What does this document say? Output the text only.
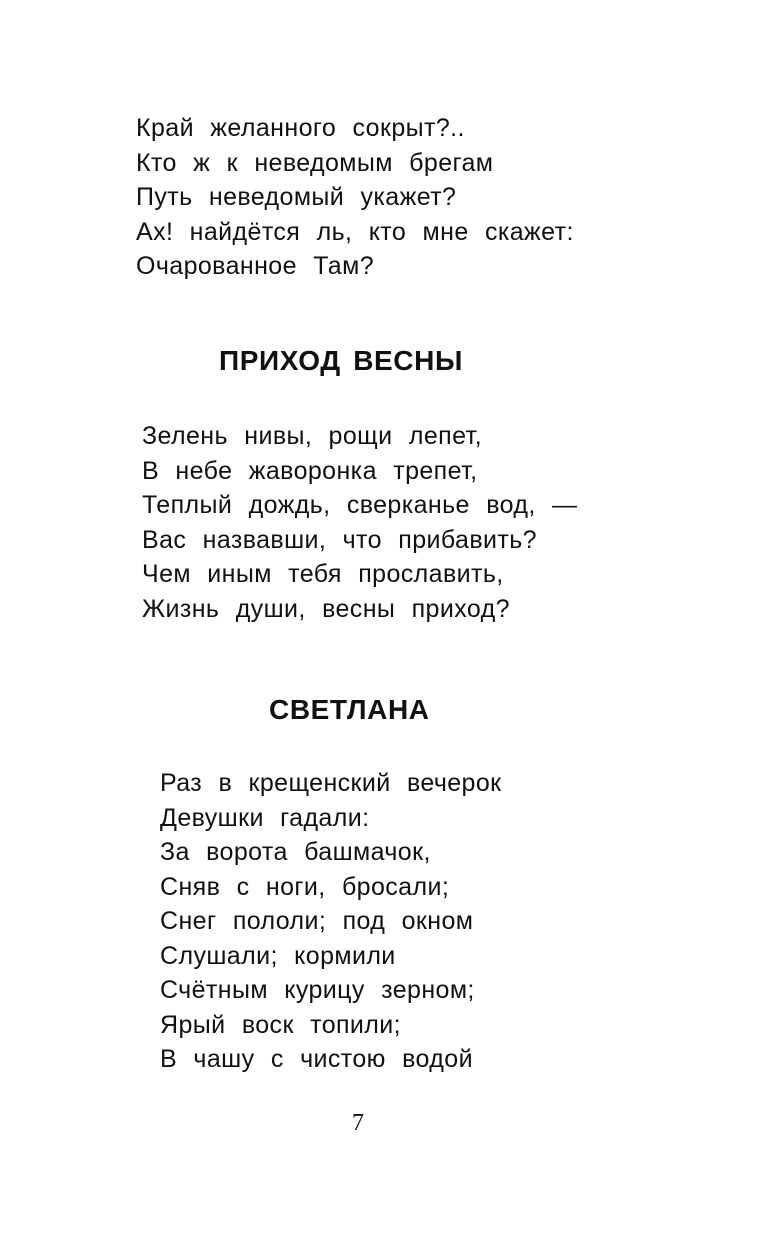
Край желанного сокрыт?..
Кто ж к неведомым брегам
Путь неведомый укажет?
Ах! найдётся ль, кто мне скажет:
Очарованное Там?
ПРИХОД ВЕСНЫ
Зелень нивы, рощи лепет,
В небе жаворонка трепет,
Теплый дождь, сверканье вод, —
Вас назвавши, что прибавить?
Чем иным тебя прославить,
Жизнь души, весны приход?
СВЕТЛАНА
Раз в крещенский вечерок
Девушки гадали:
За ворота башмачок,
Сняв с ноги, бросали;
Снег пололи; под окном
Слушали; кормили
Счётным курицу зерном;
Ярый воск топили;
В чашу с чистою водой
7
